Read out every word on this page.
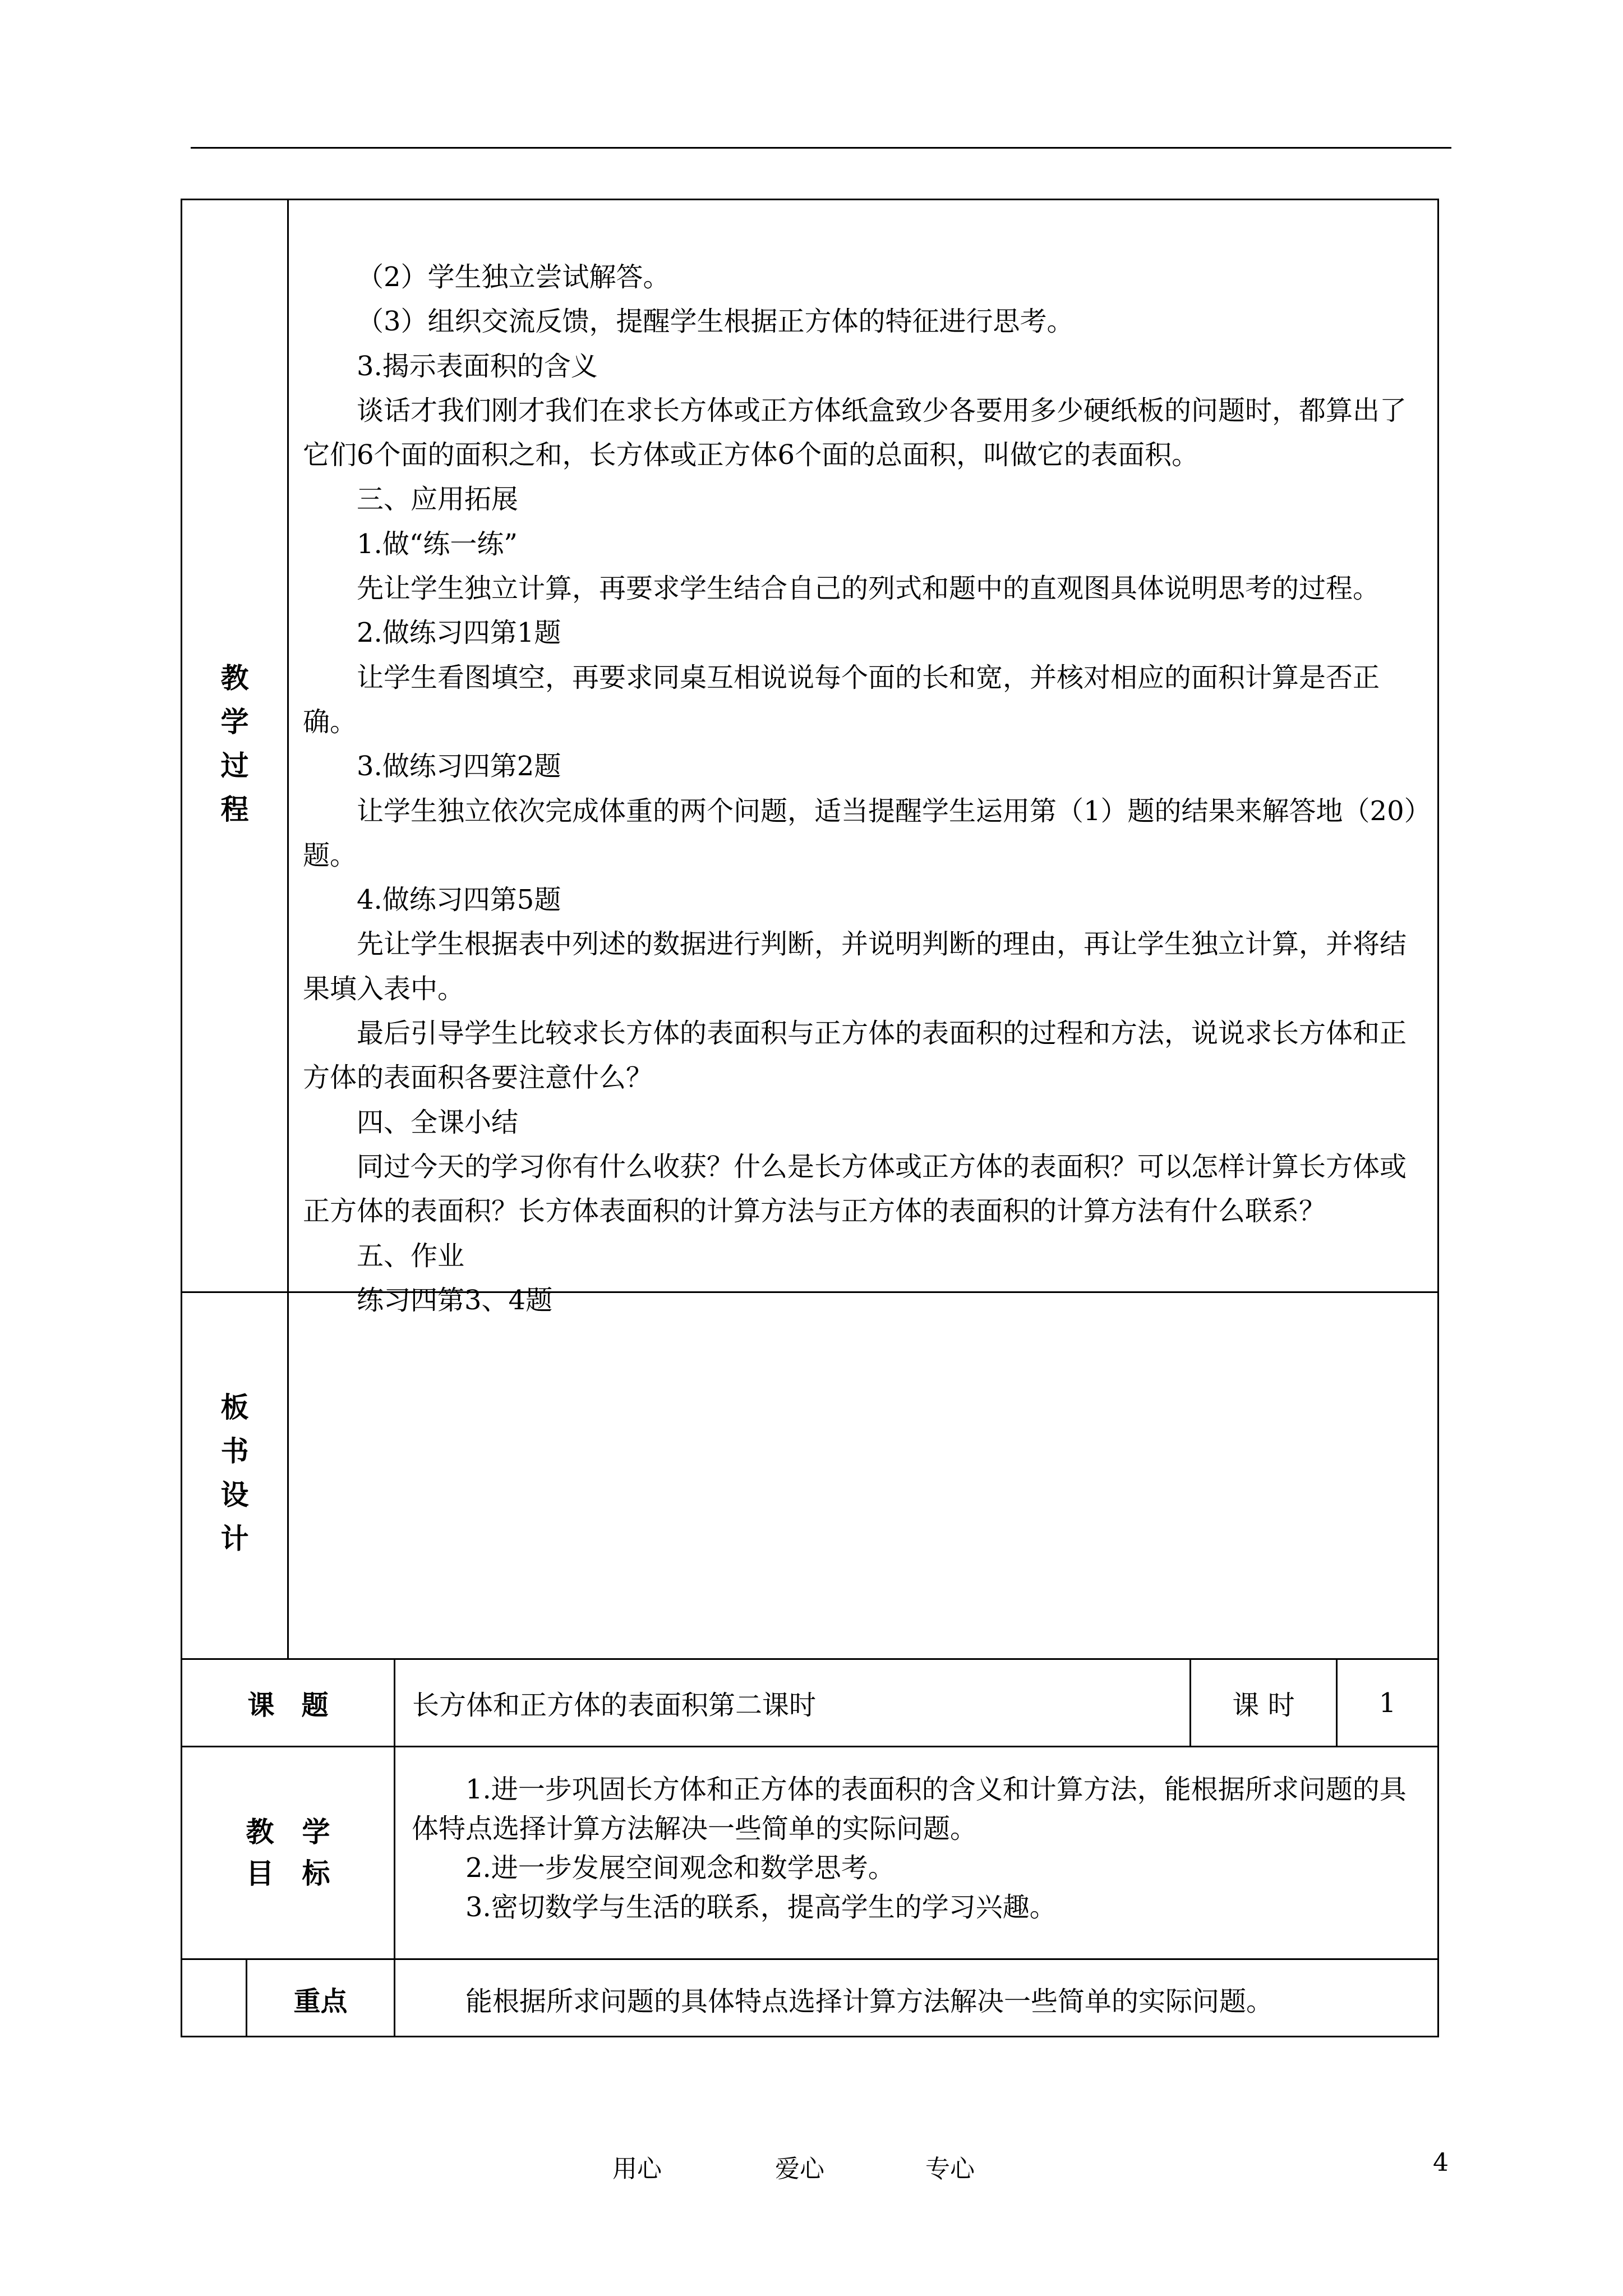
教
学
过
程

（2）学生独立尝试解答。

（3）组织交流反馈，提醒学生根据正方体的特征进行思考。

3.揭示表面积的含义

谈话才我们刚才我们在求长方体或正方体纸盒致少各要用多少硬纸板的问题时，都算出了它们6个面的面积之和，长方体或正方体6个面的总面积，叫做它的表面积。

三、应用拓展

1.做“练一练”

先让学生独立计算，再要求学生结合自己的列式和题中的直观图具体说明思考的过程。

2.做练习四第1题

让学生看图填空，再要求同桌互相说说每个面的长和宽，并核对相应的面积计算是否正确。

3.做练习四第2题

让学生独立依次完成体重的两个问题，适当提醒学生运用第（1）题的结果来解答地（20）题。

4.做练习四第5题

先让学生根据表中列述的数据进行判断，并说明判断的理由，再让学生独立计算，并将结果填入表中。

最后引导学生比较求长方体的表面积与正方体的表面积的过程和方法，说说求长方体和正方体的表面积各要注意什么？

四、全课小结

同过今天的学习你有什么收获？什么是长方体或正方体的表面积？可以怎样计算长方体或正方体的表面积？长方体表面积的计算方法与正方体的表面积的计算方法有什么联系？

五、作业

练习四第3、4题

板
书
设
计
课　题	长方体和正方体的表面积第二课时	课 时	1
教　学
目　标

1.进一步巩固长方体和正方体的表面积的含义和计算方法，能根据所求问题的具体特点选择计算方法解决一些简单的实际问题。

2.进一步发展空间观念和数学思考。

3.密切数学与生活的联系，提高学生的学习兴趣。

重点	能根据所求问题的具体特点选择计算方法解决一些简单的实际问题。
用心	爱心	专心	4
